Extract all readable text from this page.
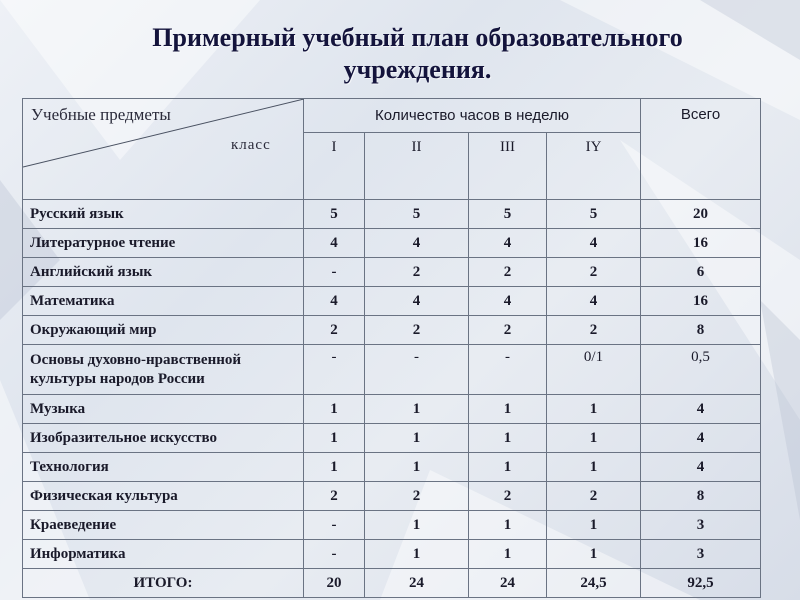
Примерный учебный план образовательного
учреждения.
Учебные предметы
класс	Количество часов в неделю				Всего
	I	II	III	IY	
Русский язык	5	5	5	5	20
Литературное чтение	4	4	4	4	16
Английский язык	-	2	2	2	6
Математика	4	4	4	4	16
Окружающий мир	2	2	2	2	8

Основы духовно-нравственной
культуры народов России	-	-	-	0/1	0,5
Музыка	1	1	1	1	4
Изобразительное искусство	1	1	1	1	4
Технология	1	1	1	1	4
Физическая культура	2	2	2	2	8
Краеведение	-	1	1	1	3
Информатика	-	1	1	1	3
ИТОГО:	20	24	24	24,5	92,5
